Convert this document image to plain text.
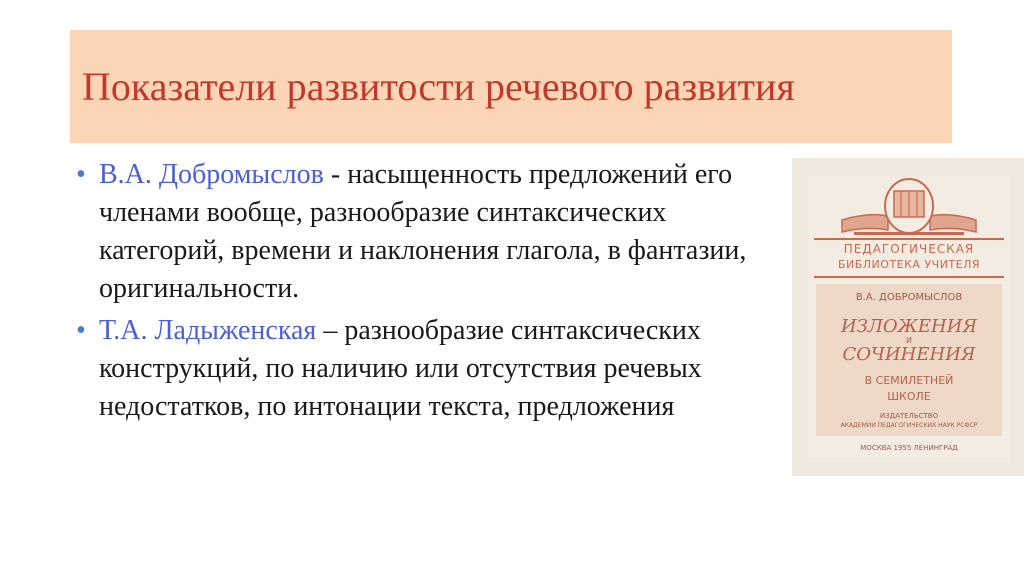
Показатели развитости речевого развития
• В.А. Добромыслов - насыщенность предложений его членами вообще, разнообразие синтаксических категорий, времени и наклонения глагола, в фантазии, оригинальности.
• Т.А. Ладыженская – разнообразие синтаксических конструкций, по наличию или отсутствия речевых недостатков, по интонации текста, предложения
ПЕДАГОГИЧЕСКАЯ
БИБЛИОТЕКА УЧИТЕЛЯ
В.А. ДОБРОМЫСЛОВ
ИЗЛОЖЕНИЯ
И
СОЧИНЕНИЯ
В СЕМИЛЕТНЕЙ
ШКОЛЕ
ИЗДАТЕЛЬСТВО
АКАДЕМИИ ПЕДАГОГИЧЕСКИХ НАУК РСФСР
МОСКВА 1955 ЛЕНИНГРАД
